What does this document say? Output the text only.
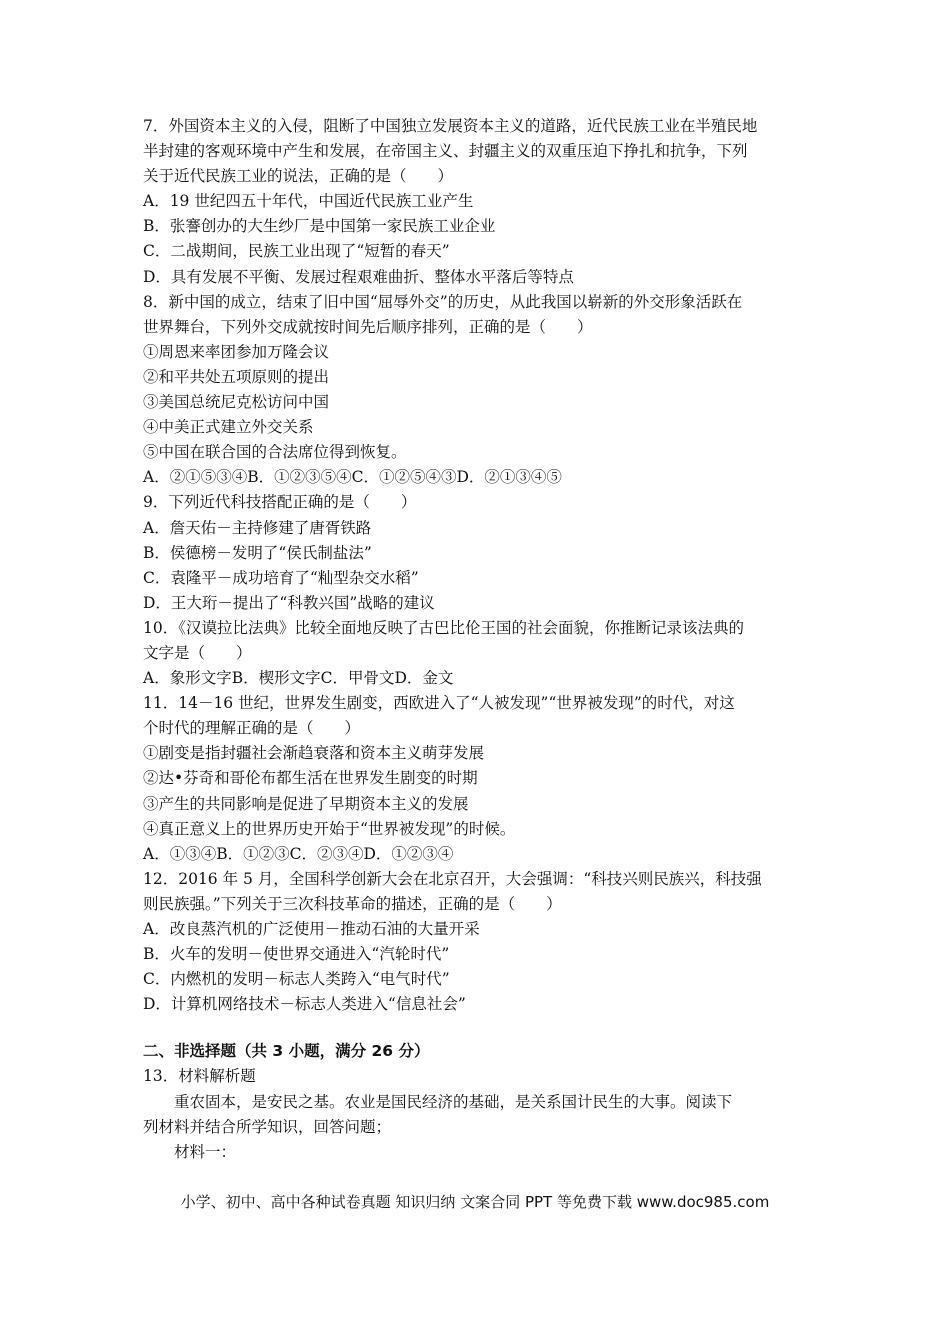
7．外国资本主义的入侵，阻断了中国独立发展资本主义的道路，近代民族工业在半殖民地
半封建的客观环境中产生和发展，在帝国主义、封疆主义的双重压迫下挣扎和抗争，下列
关于近代民族工业的说法，正确的是（　　）
A．19 世纪四五十年代，中国近代民族工业产生
B．张謇创办的大生纱厂是中国第一家民族工业企业
C．二战期间，民族工业出现了“短暂的春天”
D．具有发展不平衡、发展过程艰难曲折、整体水平落后等特点
8．新中国的成立，结束了旧中国“屈辱外交”的历史，从此我国以崭新的外交形象活跃在
世界舞台，下列外交成就按时间先后顺序排列，正确的是（　　）
①周恩来率团参加万隆会议
②和平共处五项原则的提出
③美国总统尼克松访问中国
④中美正式建立外交关系
⑤中国在联合国的合法席位得到恢复。
A．②①⑤③④B．①②③⑤④C．①②⑤④③D．②①③④⑤
9．下列近代科技搭配正确的是（　　）
A．詹天佑－主持修建了唐胥铁路
B．侯德榜－发明了“侯氏制盐法”
C．袁隆平－成功培育了“籼型杂交水稻”
D．王大珩－提出了“科教兴国”战略的建议
10．《汉谟拉比法典》比较全面地反映了古巴比伦王国的社会面貌，你推断记录该法典的
文字是（　　）
A．象形文字B．楔形文字C．甲骨文D．金文
11．14－16 世纪，世界发生剧变，西欧进入了“人被发现”“世界被发现”的时代，对这
个时代的理解正确的是（　　）
①剧变是指封疆社会渐趋衰落和资本主义萌芽发展
②达•芬奇和哥伦布都生活在世界发生剧变的时期
③产生的共同影响是促进了早期资本主义的发展
④真正意义上的世界历史开始于“世界被发现”的时候。
A．①③④B．①②③C．②③④D．①②③④
12．2016 年 5 月，全国科学创新大会在北京召开，大会强调：“科技兴则民族兴，科技强
则民族强。”下列关于三次科技革命的描述，正确的是（　　）
A．改良蒸汽机的广泛使用－推动石油的大量开采
B．火车的发明－使世界交通进入“汽轮时代”
C．内燃机的发明－标志人类跨入“电气时代”
D．计算机网络技术－标志人类进入“信息社会”
二、非选择题（共 3 小题，满分 26 分）
13．材料解析题
重农固本，是安民之基。农业是国民经济的基础，是关系国计民生的大事。阅读下
列材料并结合所学知识，回答问题；
材料一：
小学、初中、高中各种试卷真题 知识归纳 文案合同 PPT 等免费下载 www.doc985.com
